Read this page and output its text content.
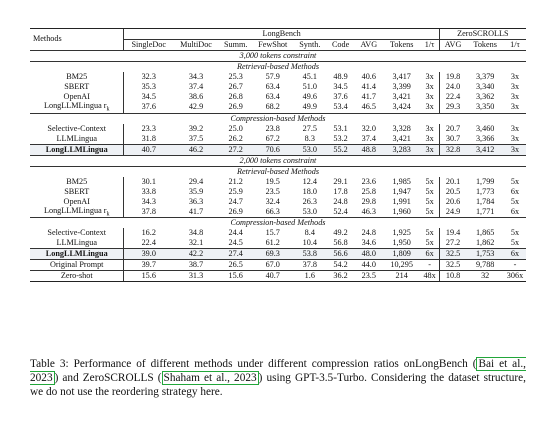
Methods	LongBench									ZeroSCROLLS		
	SingleDoc	MultiDoc	Summ.	FewShot	Synth.	Code	AVG	Tokens	1/τ	AVG	Tokens	1/τ
3,000 tokens constraint												
Retrieval-based Methods												
BM25	32.3	34.3	25.3	57.9	45.1	48.9	40.6	3,417	3x	19.8	3,379	3x
SBERT	35.3	37.4	26.7	63.4	51.0	34.5	41.4	3,399	3x	24.0	3,340	3x
OpenAI	34.5	38.6	26.8	63.4	49.6	37.6	41.7	3,421	3x	22.4	3,362	3x
LongLLMLingua $r_k$	37.6	42.9	26.9	68.2	49.9	53.4	46.5	3,424	3x	29.3	3,350	3x
Compression-based Methods												
Selective-Context	23.3	39.2	25.0	23.8	27.5	53.1	32.0	3,328	3x	20.7	3,460	3x
LLMLingua	31.8	37.5	26.2	67.2	8.3	53.2	37.4	3,421	3x	30.7	3,366	3x
LongLLMLingua	40.7	46.2	27.2	70.6	53.0	55.2	48.8	3,283	3x	32.8	3,412	3x
2,000 tokens constraint												
Retrieval-based Methods												
BM25	30.1	29.4	21.2	19.5	12.4	29.1	23.6	1,985	5x	20.1	1,799	5x
SBERT	33.8	35.9	25.9	23.5	18.0	17.8	25.8	1,947	5x	20.5	1,773	6x
OpenAI	34.3	36.3	24.7	32.4	26.3	24.8	29.8	1,991	5x	20.6	1,784	5x
LongLLMLingua $r_k$	37.8	41.7	26.9	66.3	53.0	52.4	46.3	1,960	5x	24.9	1,771	6x
Compression-based Methods												
Selective-Context	16.2	34.8	24.4	15.7	8.4	49.2	24.8	1,925	5x	19.4	1,865	5x
LLMLingua	22.4	32.1	24.5	61.2	10.4	56.8	34.6	1,950	5x	27.2	1,862	5x
LongLLMLingua	39.0	42.2	27.4	69.3	53.8	56.6	48.0	1,809	6x	32.5	1,753	6x
Original Prompt	39.7	38.7	26.5	67.0	37.8	54.2	44.0	10,295	-	32.5	9,788	-
Zero-shot	15.6	31.3	15.6	40.7	1.6	36.2	23.5	214	48x	10.8	32	306x
Table 3: Performance of different methods under different compression ratios onLongBench ( Bai et al., 2023 ) and ZeroSCROLLS ( Shaham et al., 2023 ) using GPT-3.5-Turbo. Considering the dataset structure, we do not use the reordering strategy here.
